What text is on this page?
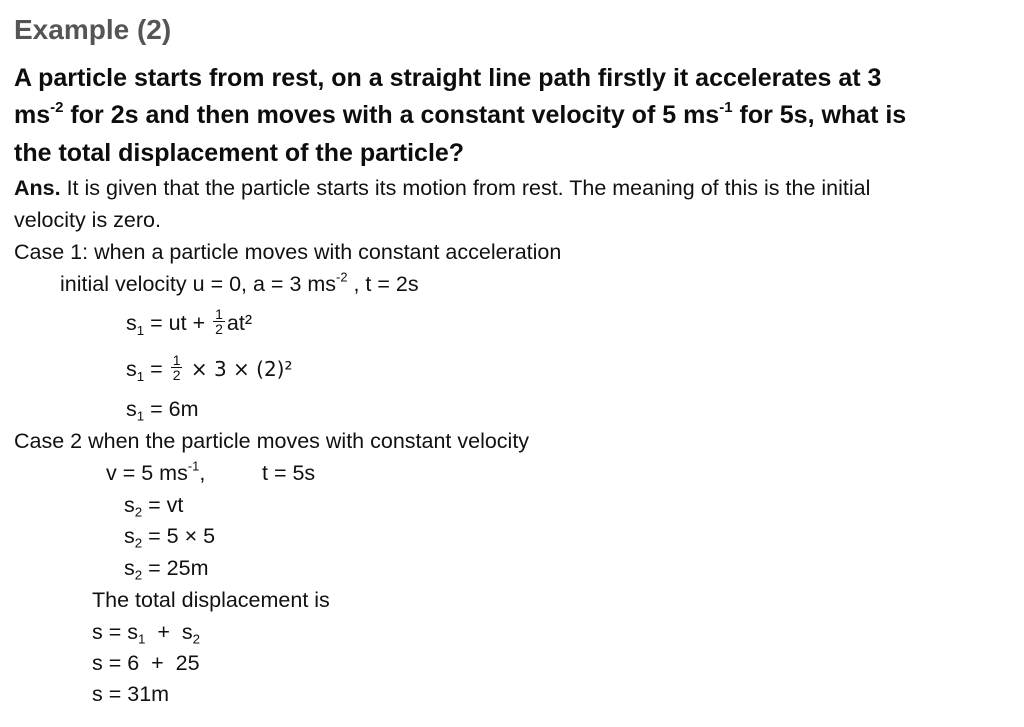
Example (2)
A particle starts from rest, on a straight line path firstly it accelerates at 3
$ms^{-2}$ for 2s and then moves with a constant velocity of 5 $ms^{-1}$ for 5s, what is
the total displacement of the particle?
Ans. It is given that the particle starts its motion from rest. The meaning of this is the initial
velocity is zero.
Case 1: when a particle moves with constant acceleration
initial velocity u = 0, a = 3 $ms^{-2}$ , t = 2s
$s_1$ = ut + $\frac{1}{2} at^2$
$s_1 = \frac{1}{2} \times 3 \times (2)^2$
$s_1 = 6m$
Case 2 when the particle moves with constant velocity
v = 5 $ms^{-1}$,	t = 5s
$s_2$ = vt
$s_2 = 5 \times 5$
$s_2 = 25m$
The total displacement is
$s = s_1 + s_2$
s = 6  +  25
s = 31m
